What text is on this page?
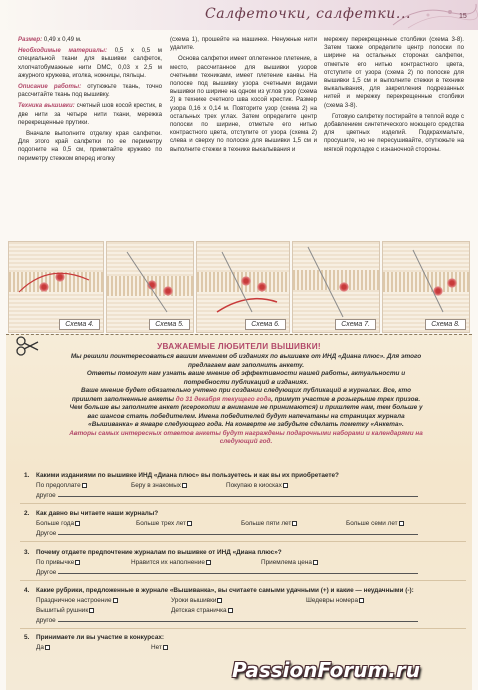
Салфеточки, салфетки...	15

Размер: 0,49 х 0,49 м.

Необходимые материалы: 0,5 х 0,5 м специальной ткани для вышивки салфеток, хлопчатобумажные нити DMC, 0,03 х 2,5 м ажурного кружева, иголка, ножницы, пяльцы.

Описание работы: отутюжьте ткань, точно рассчитайте ткань под вышивку.

Техника вышивки: счетный шов косой крестик, в две нити за четыре нити ткани, мережка перекрещенные прутики.

Вначале выполните отделку края салфетки. Для этого край салфетки по ее периметру подогните на 0,5 см, приметайте кружево по периметру стежком вперед иголку

(схема 1), прошейте на машинке. Ненужные нити удалите.

Основа салфетки имеет оплетенное плетение, а место, рассчитанное для вышивки узоров счетными техниками, имеет плетение канвы. На полоске под вышивку узора счетными видами вышивки по ширине на одном из углов узор (схема 2) в технике счетного шва косой крестик. Размер узора 0,16 х 0,14 м. Повторите узор (схема 2) на остальных трех углах. Затем определите центр полоски по ширине, отметьте его нитью контрастного цвета, отступите от узора (схема 2) слева и сверху по полоске для вышивки 1,5 см и выполните стежки в технике выкалывания и

мережку перекрещенные столбики (схема 3-8). Затем также определите центр полоски по ширине на остальных сторонах салфетки, отметьте его нитью контрастного цвета, отступите от узора (схема 2) по полоске для вышивки 1,5 см и выполните стежки в технике выкалывания, для закрепления подрезанных нитей и мережку перекрещенные столбики (схема 3-8).

Готовую салфетку постирайте в теплой воде с добавлением синтетического моющего средства для цветных изделий. Подкрахмальте, просушите, но не пересушивайте, отутюжьте на мягкой подкладке с изнаночной стороны.

Схема 4.	Схема 5.	Схема 6.	Схема 7.	Схема 8.
УВАЖАЕМЫЕ ЛЮБИТЕЛИ ВЫШИВКИ!
Мы решили поинтересоваться вашим мнением об изданиях по вышивке от ИНД «Диана плюс». Для этого предлагаем вам заполнить анкету.
Ответы помогут нам узнать ваше мнение об эффективности нашей работы, актуальности и потребности публикаций в изданиях.
Ваше мнение будет обязательно учтено при создании следующих публикаций в журналах. Все, кто пришлет заполненные анкеты до 31 декабря текущего года, примут участие в розыгрыше трех призов. Чем больше вы заполните анкет (ксерокопии в внимание не принимаются) и пришлете нам, тем больше у вас шансов стать победителем. Имена победителей будут напечатаны на страницах журнала «Вышиванка» в январе следующего года. На конверте не забудьте сделать пометку «Анкета».
Авторы самых интересных ответов анкеты будут награждены подарочными наборами и календарями на следующий год.
1. Какими изданиями по вышивке ИНД «Диана плюс» вы пользуетесь и как вы их приобретаете?
По предоплате	Беру в знакомых	Покупаю в киосках
другое
2. Как давно вы читаете наши журналы?
Больше года	Больше трех лет	Больше пяти лет	Больше семи лет
Другое
3. Почему отдаете предпочтение журналам по вышивке от ИНД «Диана плюс»?
По привычке	Нравится их наполнение	Приемлема цена
Другое
4. Какие рубрики, предложенные в журнале «Вышиванка», вы считаете самыми удачными (+) и какие — неудачными (-):
Праздничное настроение	Уроки вышивки	Шедевры номера
Вышитый рушник	Детская страничка
другое
5. Принимаете ли вы участие в конкурсах:
Да	Нет
PassionForum.ru
